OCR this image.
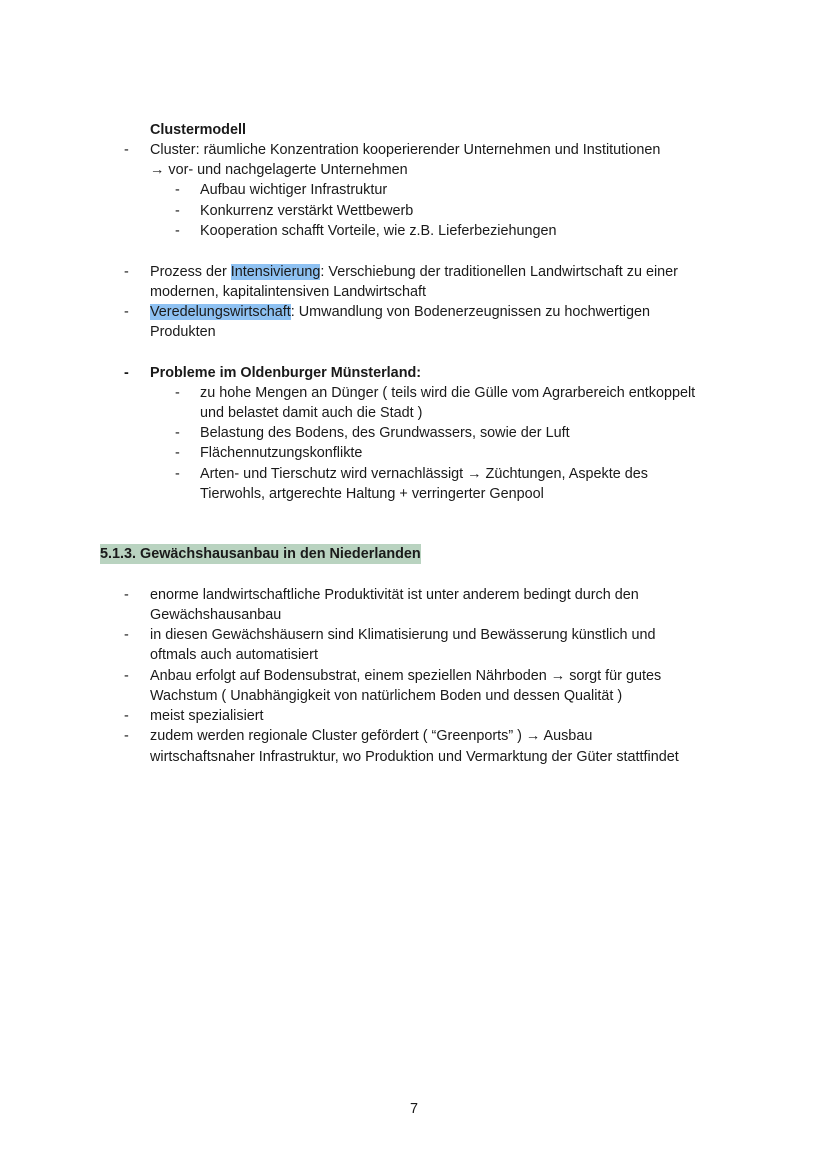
Clustermodell
-	Cluster: räumliche Konzentration kooperierender Unternehmen und Institutionen
→ vor- und nachgelagerte Unternehmen
-	Aufbau wichtiger Infrastruktur
-	Konkurrenz verstärkt Wettbewerb
-	Kooperation schafft Vorteile, wie z.B. Lieferbeziehungen
-	Prozess der Intensivierung: Verschiebung der traditionellen Landwirtschaft zu einer
modernen, kapitalintensiven Landwirtschaft
-	Veredelungswirtschaft: Umwandlung von Bodenerzeugnissen zu hochwertigen
Produkten
-	Probleme im Oldenburger Münsterland:
-	zu hohe Mengen an Dünger ( teils wird die Gülle vom Agrarbereich entkoppelt
und belastet damit auch die Stadt )
-	Belastung des Bodens, des Grundwassers, sowie der Luft
-	Flächennutzungskonflikte
-	Arten- und Tierschutz wird vernachlässigt → Züchtungen, Aspekte des
Tierwohls, artgerechte Haltung + verringerter Genpool
5.1.3. Gewächshausanbau in den Niederlanden
-	enorme landwirtschaftliche Produktivität ist unter anderem bedingt durch den
Gewächshausanbau
-	in diesen Gewächshäusern sind Klimatisierung und Bewässerung künstlich und
oftmals auch automatisiert
-	Anbau erfolgt auf Bodensubstrat, einem speziellen Nährboden → sorgt für gutes
Wachstum ( Unabhängigkeit von natürlichem Boden und dessen Qualität )
-	meist spezialisiert
-	zudem werden regionale Cluster gefördert ( “Greenports” ) → Ausbau
wirtschaftsnaher Infrastruktur, wo Produktion und Vermarktung der Güter stattfindet
7
